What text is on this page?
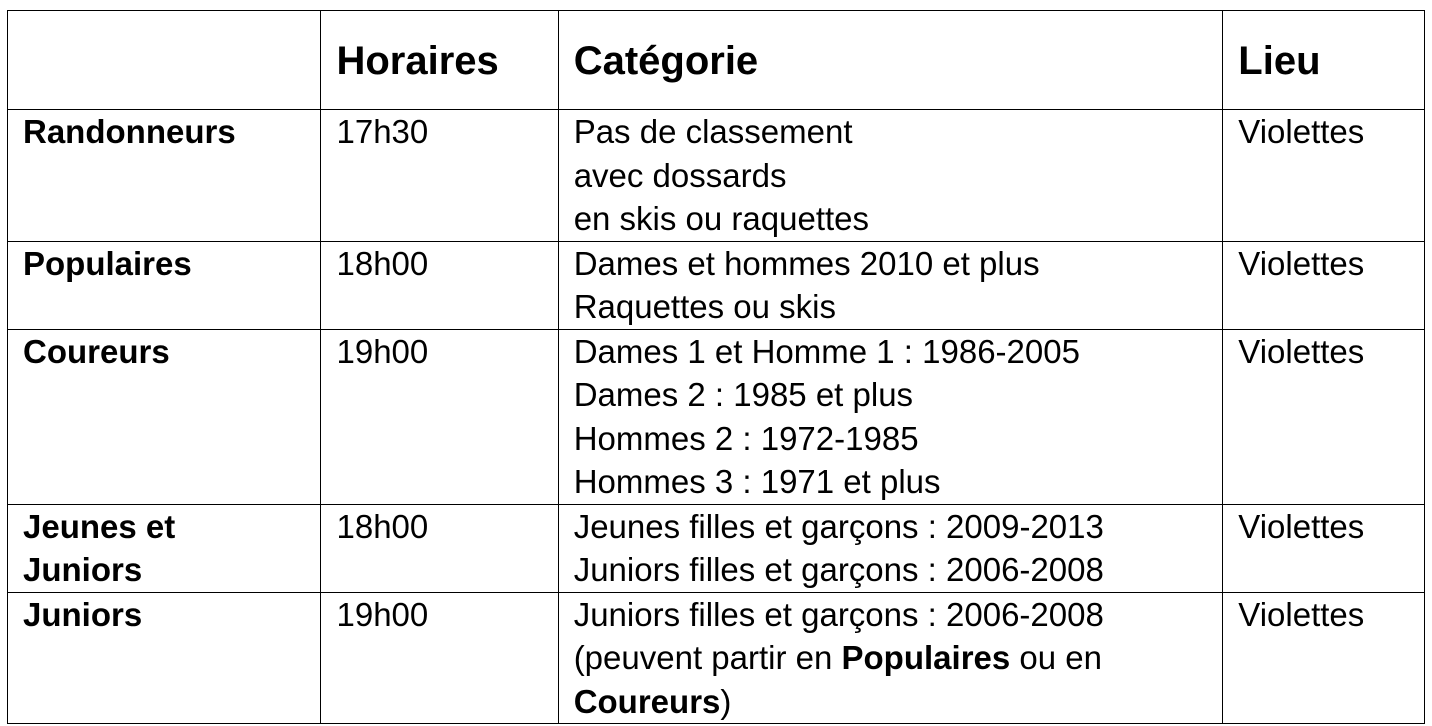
	Horaires	Catégorie	Lieu

Randonneurs	17h30	Pas de classement
avec dossards
en skis ou raquettes	Violettes

Populaires	18h00	Dames et hommes 2010 et plus
Raquettes ou skis	Violettes

Coureurs	19h00	Dames 1 et Homme 1 : 1986-2005
Dames 2 : 1985 et plus
Hommes 2 : 1972-1985
Hommes 3 : 1971 et plus	Violettes

Jeunes et
Juniors	18h00	Jeunes filles et garçons : 2009-2013
Juniors filles et garçons : 2006-2008	Violettes

Juniors	19h00	Juniors filles et garçons : 2006-2008
(peuvent partir en Populaires ou en
Coureurs)	Violettes
